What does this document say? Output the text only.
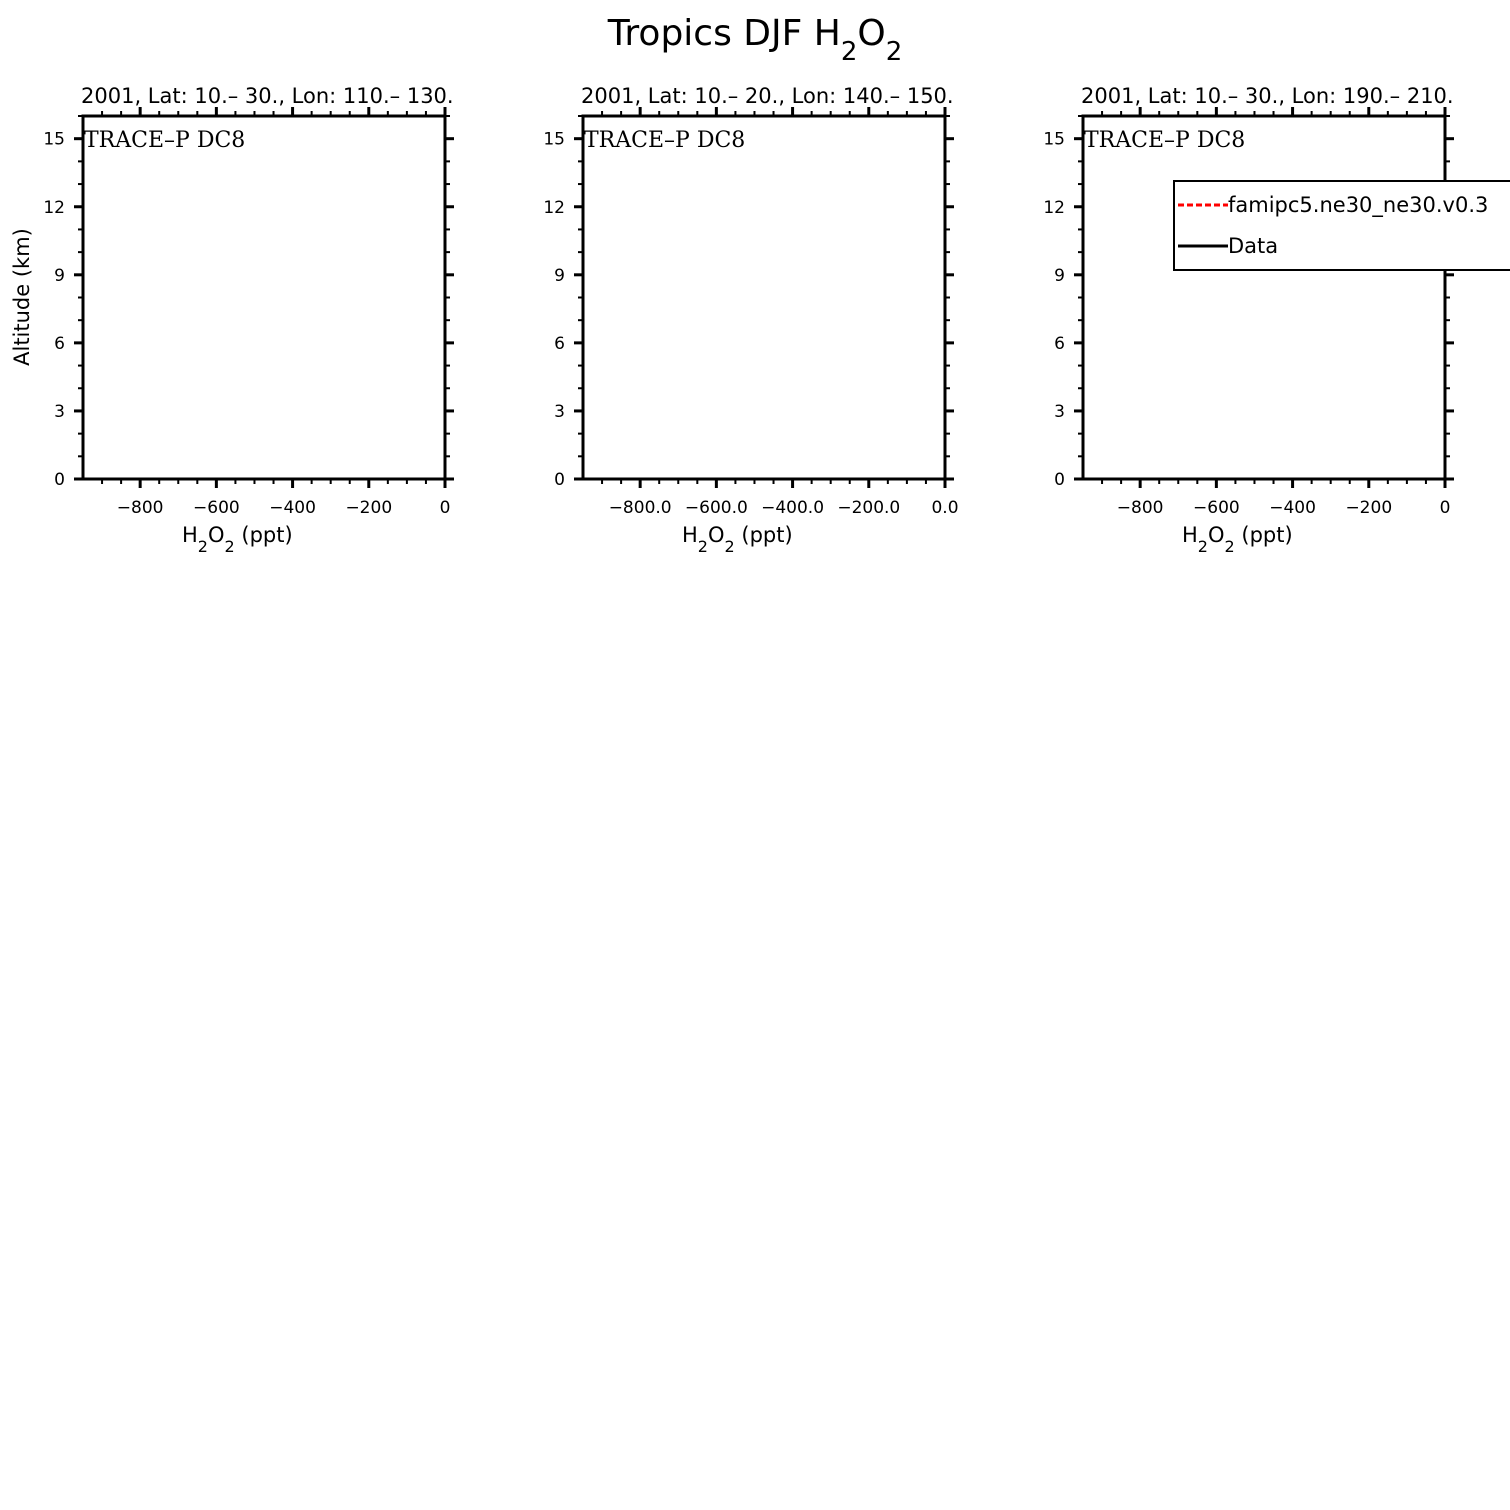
Tropics DJF $H_2O_2$
2001, Lat: 10.– 30., Lon: 110.– 130.
0
3
6
9
12
15
−800 −600 −400 −200	0
TRACE–P DC8
$H_2O_2$ (ppt)
Altitude (km)
2001, Lat: 10.– 20., Lon: 140.– 150.
0
3
6
9
12
15
−800.0 −600.0 −400.0 −200.0 0.0
TRACE–P DC8
$H_2O_2$ (ppt)
2001, Lat: 10.– 30., Lon: 190.– 210.
0
3
6
9
12
15
−800 −600 −400 −200	0
TRACE–P DC8
$H_2O_2$ (ppt)
famipc5.ne30_ne30.v0.3
Data
